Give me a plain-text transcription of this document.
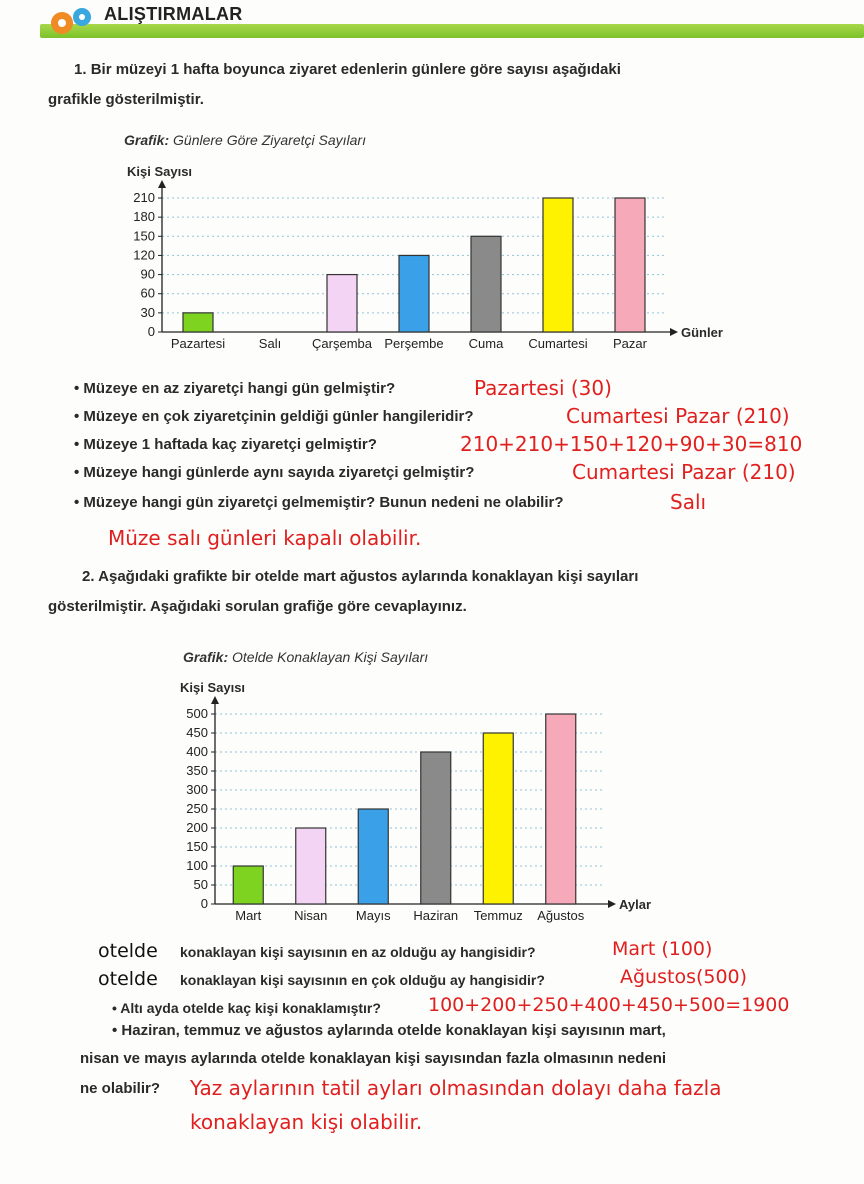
ALIŞTIRMALAR
1. Bir müzeyi 1 hafta boyunca ziyaret edenlerin günlere göre sayısı aşağıdaki
grafikle gösterilmiştir.
Grafik: Günlere Göre Ziyaretçi Sayıları
Kişi Sayısı
0
30
60
90
120
150
180
210
Günler
Pazartesi	Salı Çarşemba Perşembe Cuma Cumartesi Pazar
• Müzeye en az ziyaretçi hangi gün gelmiştir?	Pazartesi (30)
• Müzeye en çok ziyaretçinin geldiği günler hangileridir?	Cumartesi Pazar (210)
• Müzeye 1 haftada kaç ziyaretçi gelmiştir?	210+210+150+120+90+30=810
• Müzeye hangi günlerde aynı sayıda ziyaretçi gelmiştir?	Cumartesi Pazar (210)
• Müzeye hangi gün ziyaretçi gelmemiştir? Bunun nedeni ne olabilir?	Salı
Müze salı günleri kapalı olabilir.
2. Aşağıdaki grafikte bir otelde mart ağustos aylarında konaklayan kişi sayıları
gösterilmiştir. Aşağıdaki sorulan grafiğe göre cevaplayınız.
Grafik: Otelde Konaklayan Kişi Sayıları
Kişi Sayısı
0
50
100
150
200
250
300
350
400
450
500
Aylar
Mart	Nisan Mayıs Haziran Temmuz Ağustos
otelde konaklayan kişi sayısının en az olduğu ay hangisidir?	Mart (100)
otelde konaklayan kişi sayısının en çok olduğu ay hangisidir?	Ağustos(500)
• Altı ayda otelde kaç kişi konaklamıştır? 100+200+250+400+450+500=1900
• Haziran, temmuz ve ağustos aylarında otelde konaklayan kişi sayısının mart,
nisan ve mayıs aylarında otelde konaklayan kişi sayısından fazla olmasının nedeni
ne olabilir? Yaz aylarının tatil ayları olmasından dolayı daha fazla
konaklayan kişi olabilir.
